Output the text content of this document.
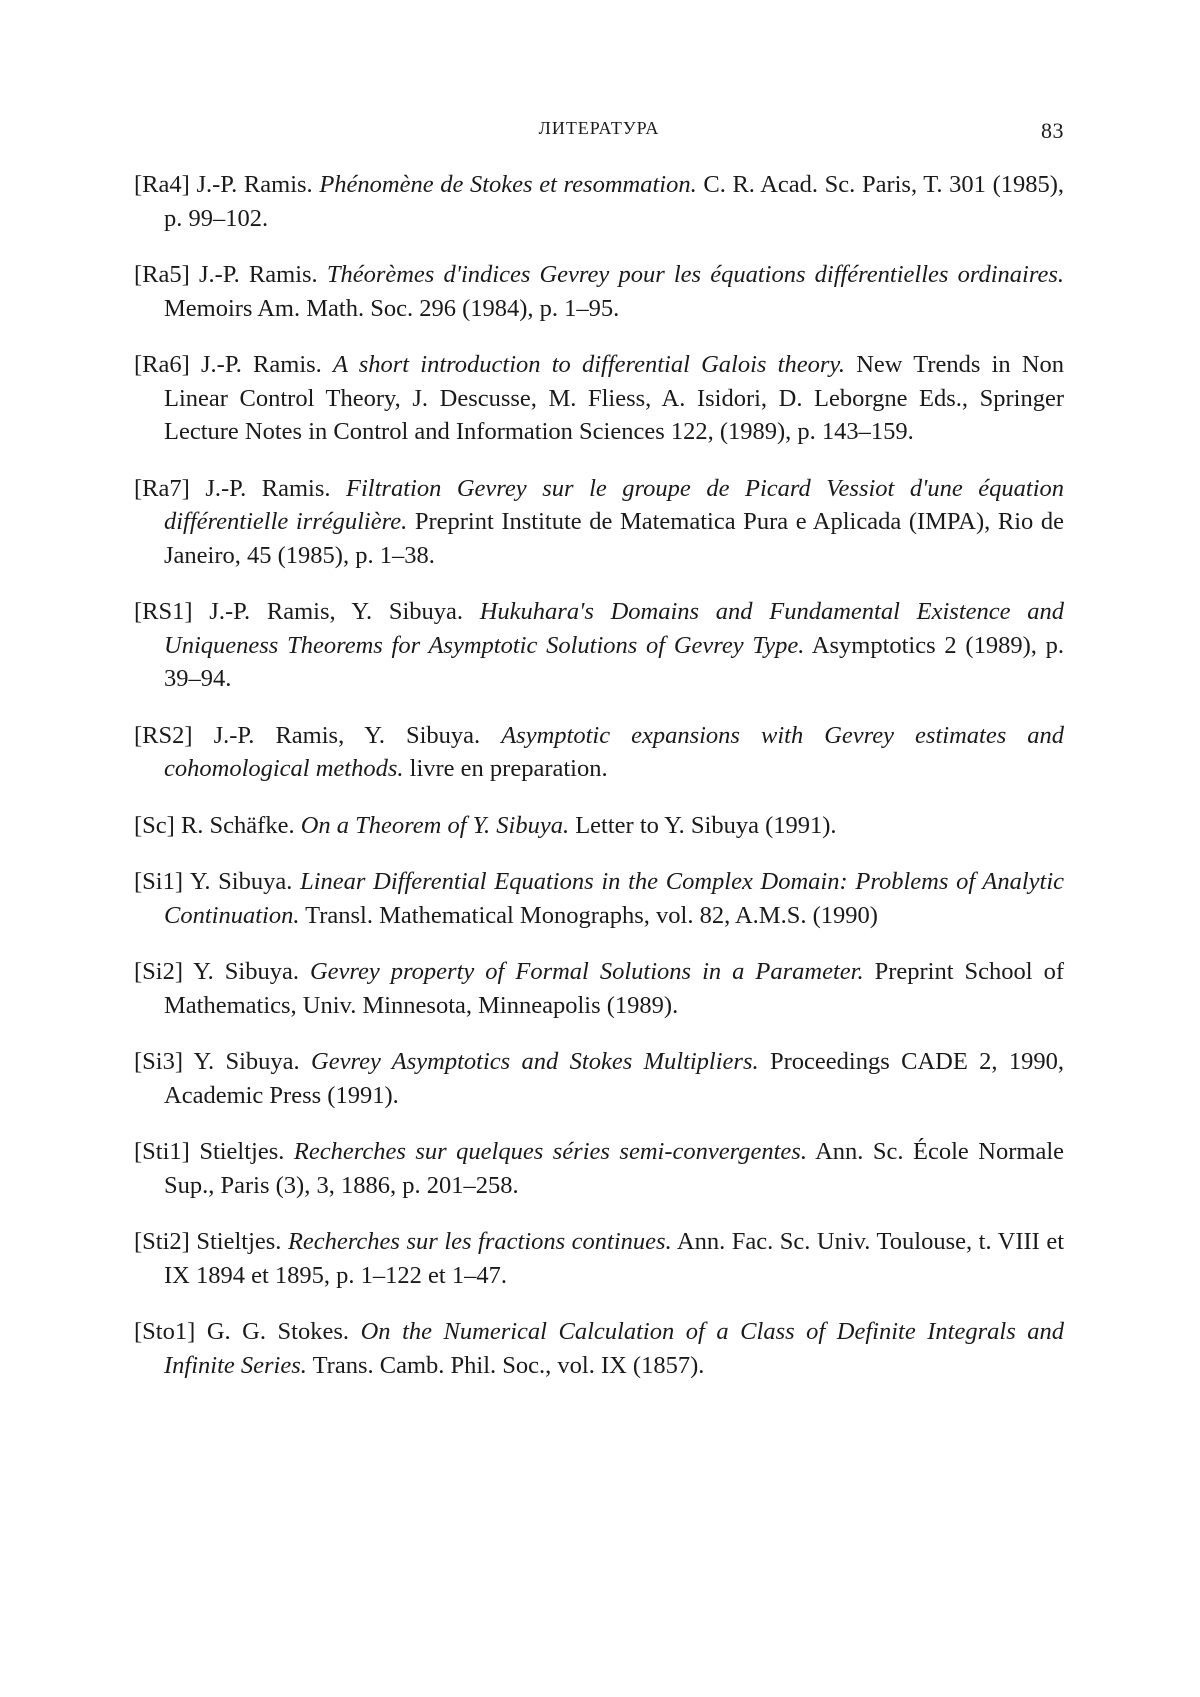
ЛИТЕРАТУРА	83

[Ra4] J.-P. Ramis. Phénomène de Stokes et resommation. C. R. Acad. Sc. Paris, T. 301 (1985), p. 99–102.

[Ra5] J.-P. Ramis. Théorèmes d'indices Gevrey pour les équations différentielles ordinaires. Memoirs Am. Math. Soc. 296 (1984), p. 1–95.

[Ra6] J.-P. Ramis. A short introduction to differential Galois theory. New Trends in Non Linear Control Theory, J. Descusse, M. Fliess, A. Isidori, D. Leborgne Eds., Springer Lecture Notes in Control and Information Sciences 122, (1989), p. 143–159.

[Ra7] J.-P. Ramis. Filtration Gevrey sur le groupe de Picard Vessiot d'une équation différentielle irrégulière. Preprint Institute de Matematica Pura e Aplicada (IMPA), Rio de Janeiro, 45 (1985), p. 1–38.

[RS1] J.-P. Ramis, Y. Sibuya. Hukuhara's Domains and Fundamental Existence and Uniqueness Theorems for Asymptotic Solutions of Gevrey Type. Asymptotics 2 (1989), p. 39–94.

[RS2] J.-P. Ramis, Y. Sibuya. Asymptotic expansions with Gevrey estimates and cohomological methods. livre en preparation.

[Sc] R. Schäfke. On a Theorem of Y. Sibuya. Letter to Y. Sibuya (1991).

[Si1] Y. Sibuya. Linear Differential Equations in the Complex Domain: Problems of Analytic Continuation. Transl. Mathematical Monographs, vol. 82, A.M.S. (1990)

[Si2] Y. Sibuya. Gevrey property of Formal Solutions in a Parameter. Preprint School of Mathematics, Univ. Minnesota, Minneapolis (1989).

[Si3] Y. Sibuya. Gevrey Asymptotics and Stokes Multipliers. Proceedings CADE 2, 1990, Academic Press (1991).

[Sti1] Stieltjes. Recherches sur quelques séries semi-convergentes. Ann. Sc. École Normale Sup., Paris (3), 3, 1886, p. 201–258.

[Sti2] Stieltjes. Recherches sur les fractions continues. Ann. Fac. Sc. Univ. Toulouse, t. VIII et IX 1894 et 1895, p. 1–122 et 1–47.

[Sto1] G. G. Stokes. On the Numerical Calculation of a Class of Definite Integrals and Infinite Series. Trans. Camb. Phil. Soc., vol. IX (1857).
